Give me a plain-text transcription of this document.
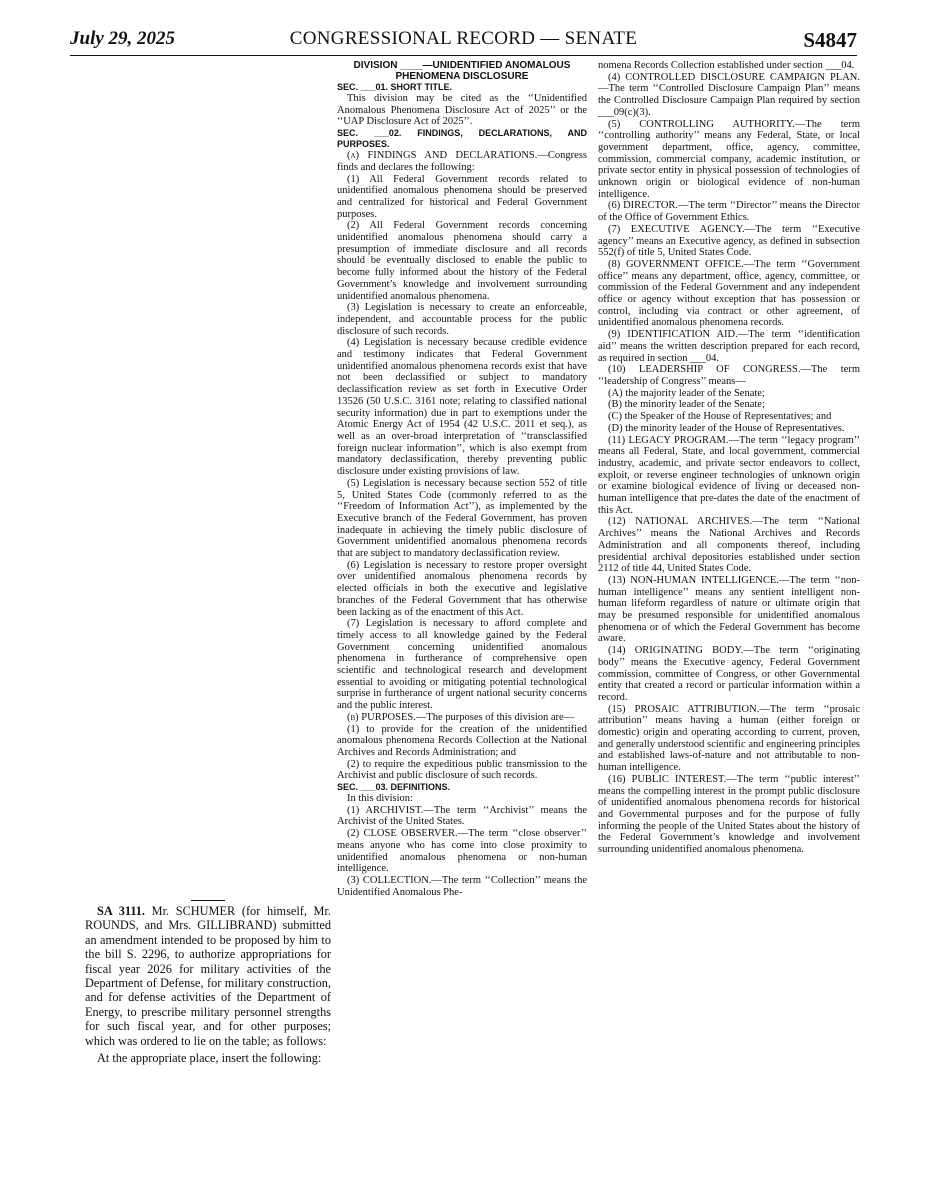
July 29, 2025	CONGRESSIONAL RECORD — SENATE	S4847

SA 3111. Mr. SCHUMER (for himself, Mr. ROUNDS, and Mrs. GILLIBRAND) submitted an amendment intended to be proposed by him to the bill S. 2296, to authorize appropriations for fiscal year 2026 for military activities of the Department of Defense, for military construction, and for defense activities of the Department of Energy, to prescribe military personnel strengths for such fiscal year, and for other purposes; which was ordered to lie on the table; as follows:

At the appropriate place, insert the following:

DIVISION ____—UNIDENTIFIED ANOMALOUS PHENOMENA DISCLOSURE

SEC. ___01. SHORT TITLE.

This division may be cited as the ‘‘Unidentified Anomalous Phenomena Disclosure Act of 2025’’ or the ‘‘UAP Disclosure Act of 2025’’.

SEC. ___02. FINDINGS, DECLARATIONS, AND PURPOSES.

(a) FINDINGS AND DECLARATIONS.—Congress finds and declares the following:

(1) All Federal Government records related to unidentified anomalous phenomena should be preserved and centralized for historical and Federal Government purposes.

(2) All Federal Government records concerning unidentified anomalous phenomena should carry a presumption of immediate disclosure and all records should be eventually disclosed to enable the public to become fully informed about the history of the Federal Government’s knowledge and involvement surrounding unidentified anomalous phenomena.

(3) Legislation is necessary to create an enforceable, independent, and accountable process for the public disclosure of such records.

(4) Legislation is necessary because credible evidence and testimony indicates that Federal Government unidentified anomalous phenomena records exist that have not been declassified or subject to mandatory declassification review as set forth in Executive Order 13526 (50 U.S.C. 3161 note; relating to classified national security information) due in part to exemptions under the Atomic Energy Act of 1954 (42 U.S.C. 2011 et seq.), as well as an over-broad interpretation of ‘‘transclassified foreign nuclear information’’, which is also exempt from mandatory declassification, thereby preventing public disclosure under existing provisions of law.

(5) Legislation is necessary because section 552 of title 5, United States Code (commonly referred to as the ‘‘Freedom of Information Act’’), as implemented by the Executive branch of the Federal Government, has proven inadequate in achieving the timely public disclosure of Government unidentified anomalous phenomena records that are subject to mandatory declassification review.

(6) Legislation is necessary to restore proper oversight over unidentified anomalous phenomena records by elected officials in both the executive and legislative branches of the Federal Government that has otherwise been lacking as of the enactment of this Act.

(7) Legislation is necessary to afford complete and timely access to all knowledge gained by the Federal Government concerning unidentified anomalous phenomena in furtherance of comprehensive open scientific and technological research and development essential to avoiding or mitigating potential technological surprise in furtherance of urgent national security concerns and the public interest.

(b) PURPOSES.—The purposes of this division are—

(1) to provide for the creation of the unidentified anomalous phenomena Records Collection at the National Archives and Records Administration; and

(2) to require the expeditious public transmission to the Archivist and public disclosure of such records.

SEC. ___03. DEFINITIONS.

In this division:

(1) ARCHIVIST.—The term ‘‘Archivist’’ means the Archivist of the United States.

(2) CLOSE OBSERVER.—The term ‘‘close observer’’ means anyone who has come into close proximity to unidentified anomalous phenomena or non-human intelligence.

(3) COLLECTION.—The term ‘‘Collection’’ means the Unidentified Anomalous Phe-

nomena Records Collection established under section ___04.

(4) CONTROLLED DISCLOSURE CAMPAIGN PLAN.—The term ‘‘Controlled Disclosure Campaign Plan’’ means the Controlled Disclosure Campaign Plan required by section ___09(c)(3).

(5) CONTROLLING AUTHORITY.—The term ‘‘controlling authority’’ means any Federal, State, or local government department, office, agency, committee, commission, commercial company, academic institution, or private sector entity in physical possession of technologies of unknown origin or biological evidence of non-human intelligence.

(6) DIRECTOR.—The term ‘‘Director’’ means the Director of the Office of Government Ethics.

(7) EXECUTIVE AGENCY.—The term ‘‘Executive agency’’ means an Executive agency, as defined in subsection 552(f) of title 5, United States Code.

(8) GOVERNMENT OFFICE.—The term ‘‘Government office’’ means any department, office, agency, committee, or commission of the Federal Government and any independent office or agency without exception that has possession or control, including via contract or other agreement, of unidentified anomalous phenomena records.

(9) IDENTIFICATION AID.—The term ‘‘identification aid’’ means the written description prepared for each record, as required in section ___04.

(10) LEADERSHIP OF CONGRESS.—The term ‘‘leadership of Congress’’ means—

(A) the majority leader of the Senate;

(B) the minority leader of the Senate;

(C) the Speaker of the House of Representatives; and

(D) the minority leader of the House of Representatives.

(11) LEGACY PROGRAM.—The term ‘‘legacy program’’ means all Federal, State, and local government, commercial industry, academic, and private sector endeavors to collect, exploit, or reverse engineer technologies of unknown origin or examine biological evidence of living or deceased non-human intelligence that pre-dates the date of the enactment of this Act.

(12) NATIONAL ARCHIVES.—The term ‘‘National Archives’’ means the National Archives and Records Administration and all components thereof, including presidential archival depositories established under section 2112 of title 44, United States Code.

(13) NON-HUMAN INTELLIGENCE.—The term ‘‘non-human intelligence’’ means any sentient intelligent non-human lifeform regardless of nature or ultimate origin that may be presumed responsible for unidentified anomalous phenomena or of which the Federal Government has become aware.

(14) ORIGINATING BODY.—The term ‘‘originating body’’ means the Executive agency, Federal Government commission, committee of Congress, or other Governmental entity that created a record or particular information within a record.

(15) PROSAIC ATTRIBUTION.—The term ‘‘prosaic attribution’’ means having a human (either foreign or domestic) origin and operating according to current, proven, and generally understood scientific and engineering principles and established laws-of-nature and not attributable to non-human intelligence.

(16) PUBLIC INTEREST.—The term ‘‘public interest’’ means the compelling interest in the prompt public disclosure of unidentified anomalous phenomena records for historical and Governmental purposes and for the purpose of fully informing the people of the United States about the history of the Federal Government’s knowledge and involvement surrounding unidentified anomalous phenomena.
